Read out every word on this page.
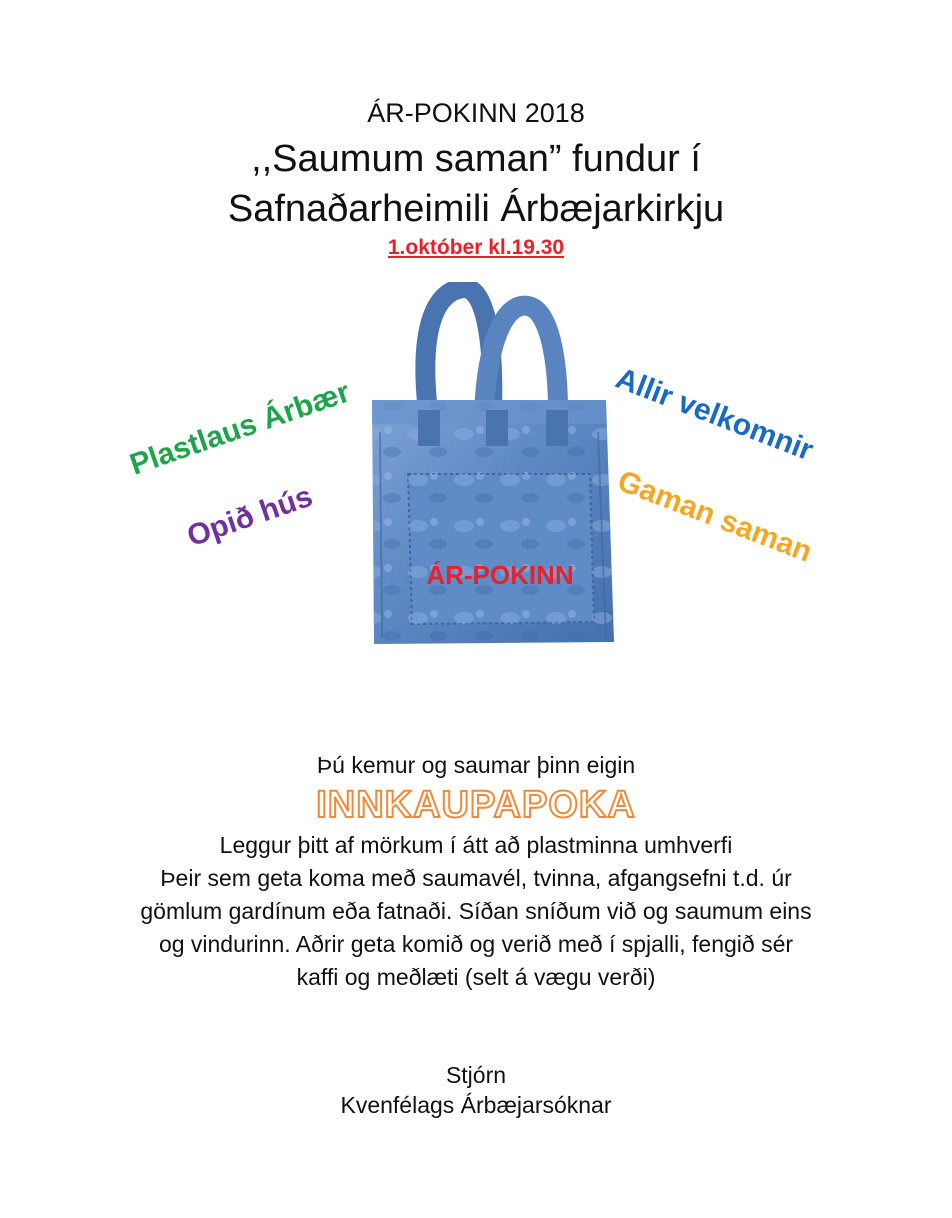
ÁR-POKINN 2018
,,Saumum saman” fundur í
Safnaðarheimili Árbæjarkirkju
1.október kl.19.30
Plastlaus Árbær
Opið hús
Allir velkomnir
Gaman saman
ÁR-POKINN
Þú kemur og saumar þinn eigin
INNKAUPAPOKA
Leggur þitt af mörkum í átt að plastminna umhverfi
Þeir sem geta koma með saumavél, tvinna, afgangsefni t.d. úr
gömlum gardínum eða fatnaði. Síðan sníðum við og saumum eins
og vindurinn. Aðrir geta komið og verið með í spjalli, fengið sér
kaffi og meðlæti (selt á vægu verði)
Stjórn
Kvenfélags Árbæjarsóknar
